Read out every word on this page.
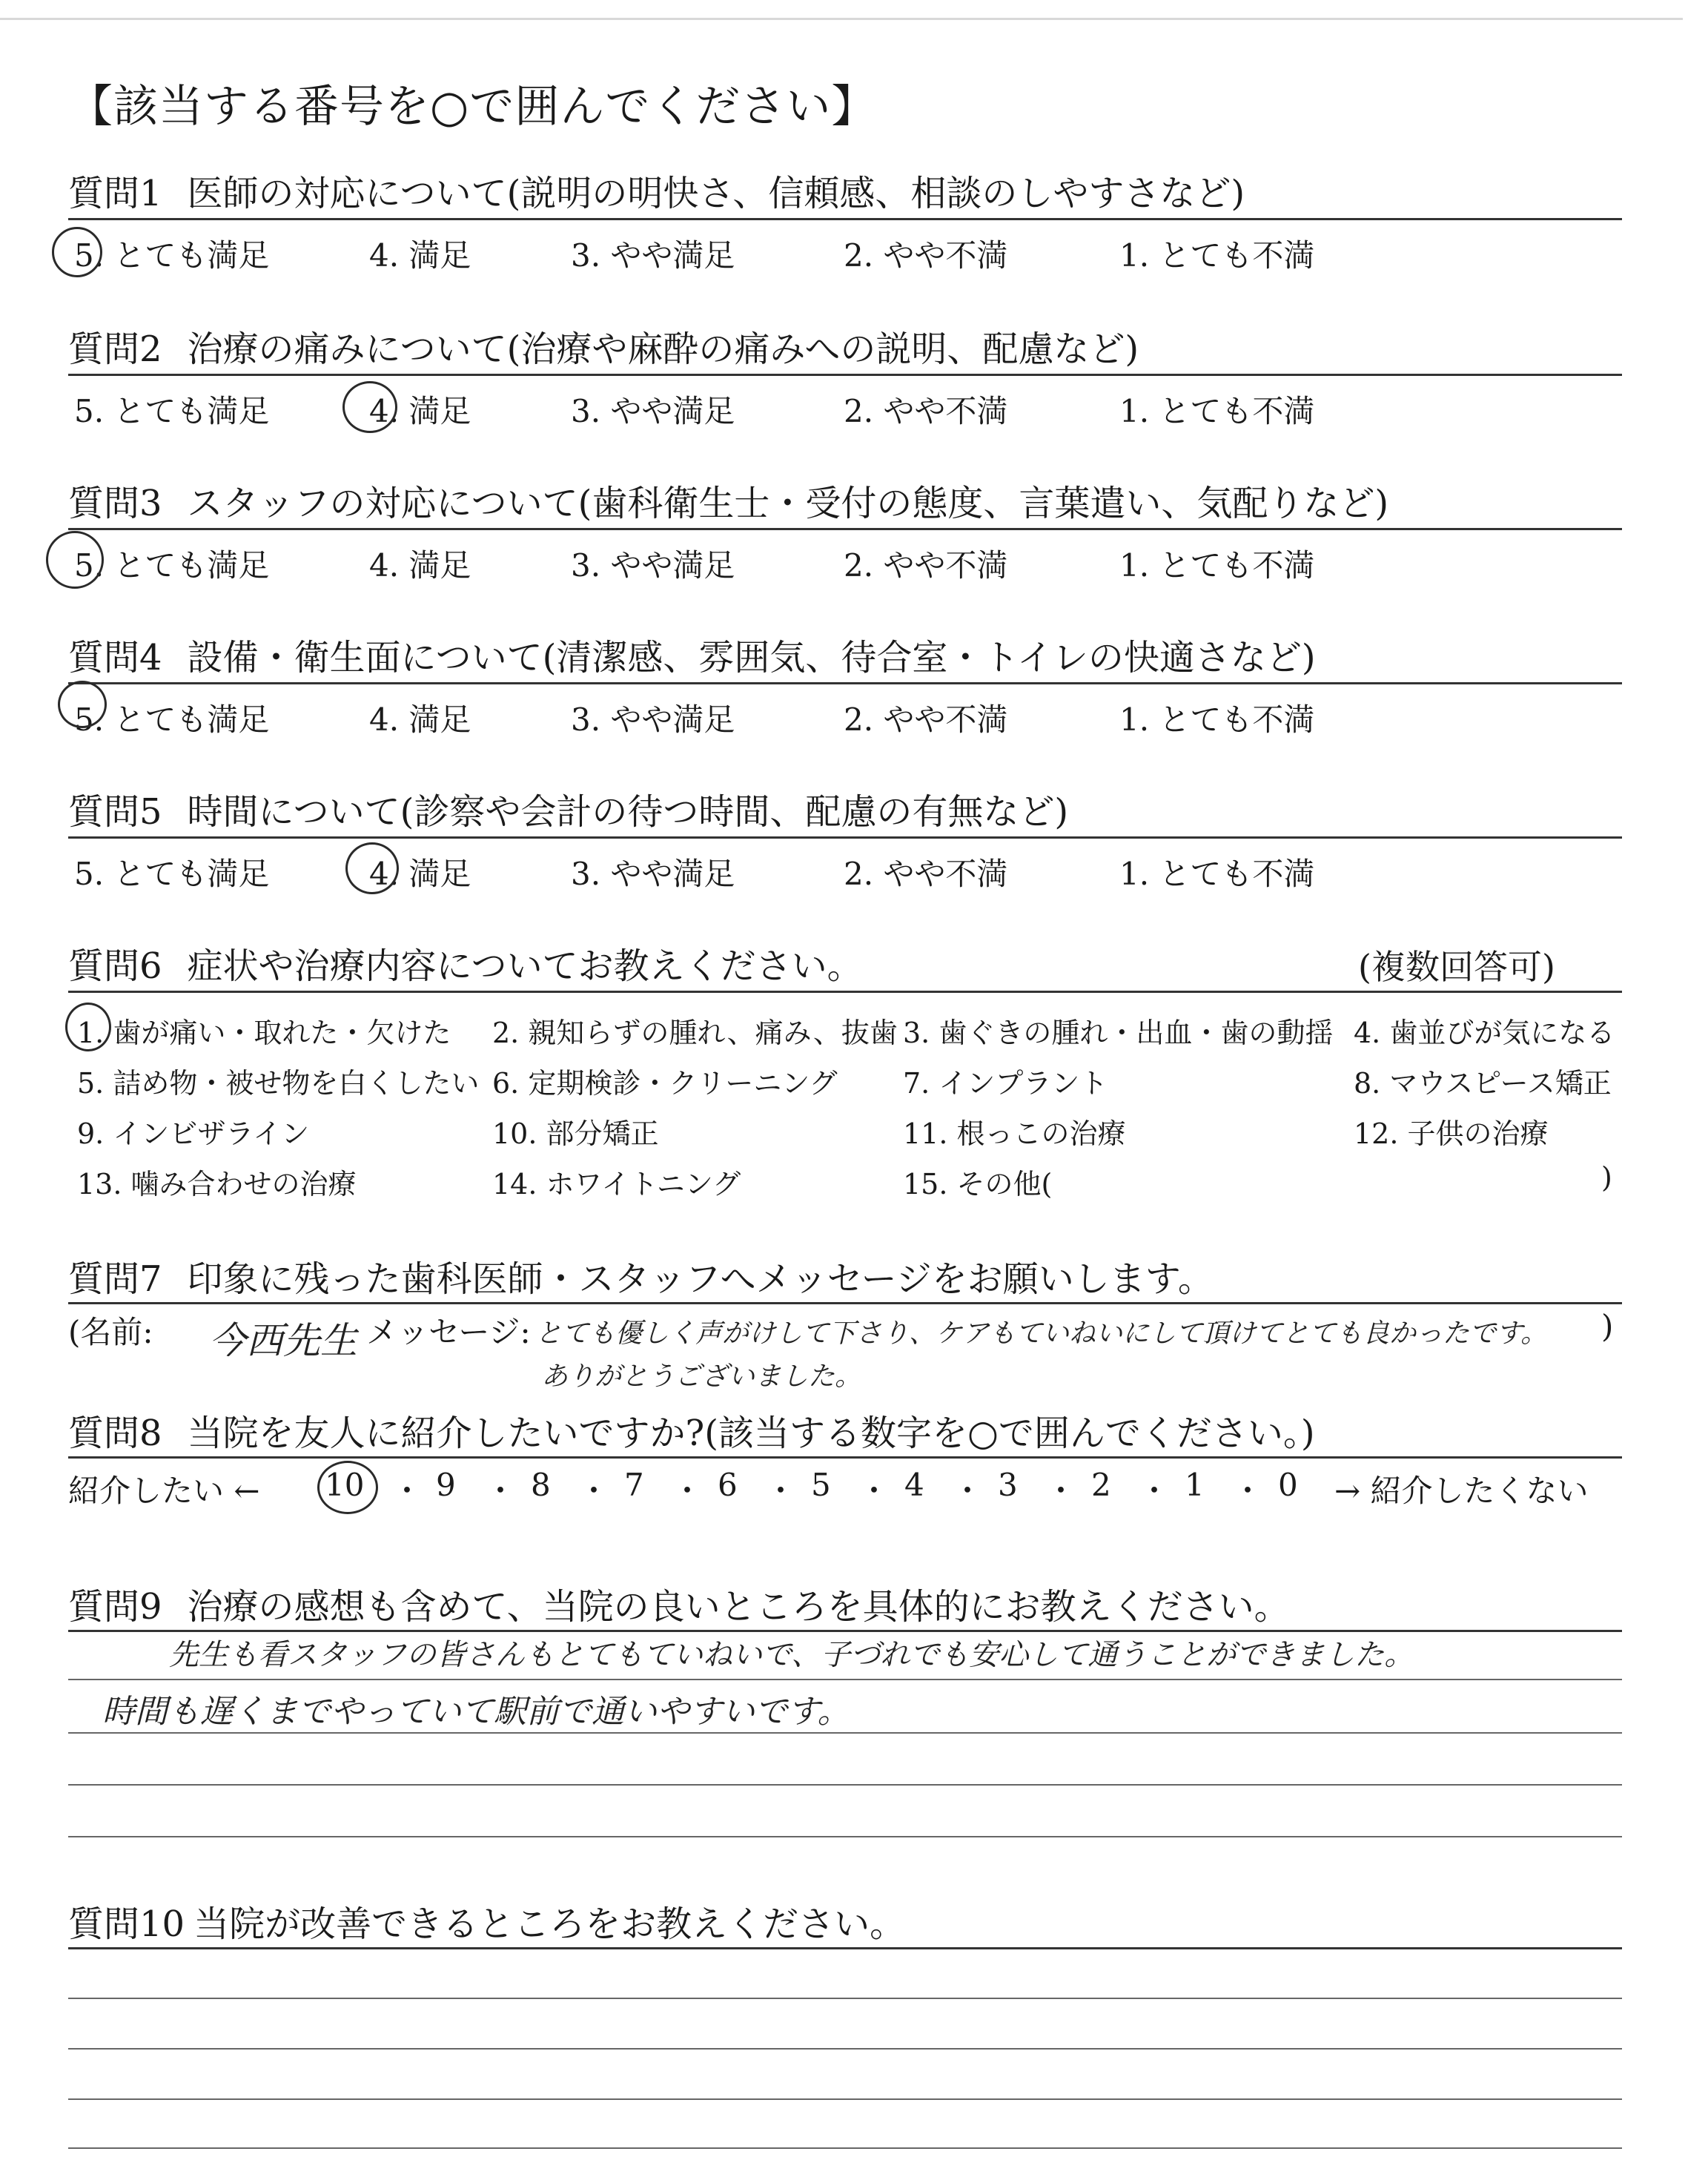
【該当する番号を○で囲んでください】
質問1 医師の対応について(説明の明快さ、信頼感、相談のしやすさなど)
5. とても満足	4. 満足	3. やや満足	2. やや不満	1. とても不満
質問2 治療の痛みについて(治療や麻酔の痛みへの説明、配慮など)
5. とても満足	4. 満足	3. やや満足	2. やや不満	1. とても不満
質問3 スタッフの対応について(歯科衛生士・受付の態度、言葉遣い、気配りなど)
5. とても満足	4. 満足	3. やや満足	2. やや不満	1. とても不満
質問4 設備・衛生面について(清潔感、雰囲気、待合室・トイレの快適さなど)
5. とても満足	4. 満足	3. やや満足	2. やや不満	1. とても不満
質問5 時間について(診察や会計の待つ時間、配慮の有無など)
5. とても満足	4. 満足	3. やや満足	2. やや不満	1. とても不満
質問6 症状や治療内容についてお教えください。	(複数回答可)
1. 歯が痛い・取れた・欠けた 2. 親知らずの腫れ、痛み、抜歯 3. 歯ぐきの腫れ・出血・歯の動揺 4. 歯並びが気になる
5. 詰め物・被せ物を白くしたい 6. 定期検診・クリーニング 7. インプラント	8. マウスピース矯正
9. インビザライン	10. 部分矯正	11. 根っこの治療	12. 子供の治療
13. 噛み合わせの治療	14. ホワイトニング	15. その他(	)
質問7 印象に残った歯科医師・スタッフへメッセージをお願いします。
(名前: 今西先生 メッセージ: とても優しく声がけして下さり、ケアもていねいにして頂けてとても良かったです。
ありがとうございました。
)
質問8 当院を友人に紹介したいですか?(該当する数字を○で囲んでください。)
紹介したい ← 10 ・ 9 ・ 8 ・ 7 ・ 6 ・ 5 ・ 4 ・ 3 ・ 2 ・ 1 ・ 0 → 紹介したくない
質問9 治療の感想も含めて、当院の良いところを具体的にお教えください。
先生も看スタッフの皆さんもとてもていねいで、子づれでも安心して通うことができました。
時間も遅くまでやっていて駅前で通いやすいです。
質問10 当院が改善できるところをお教えください。
